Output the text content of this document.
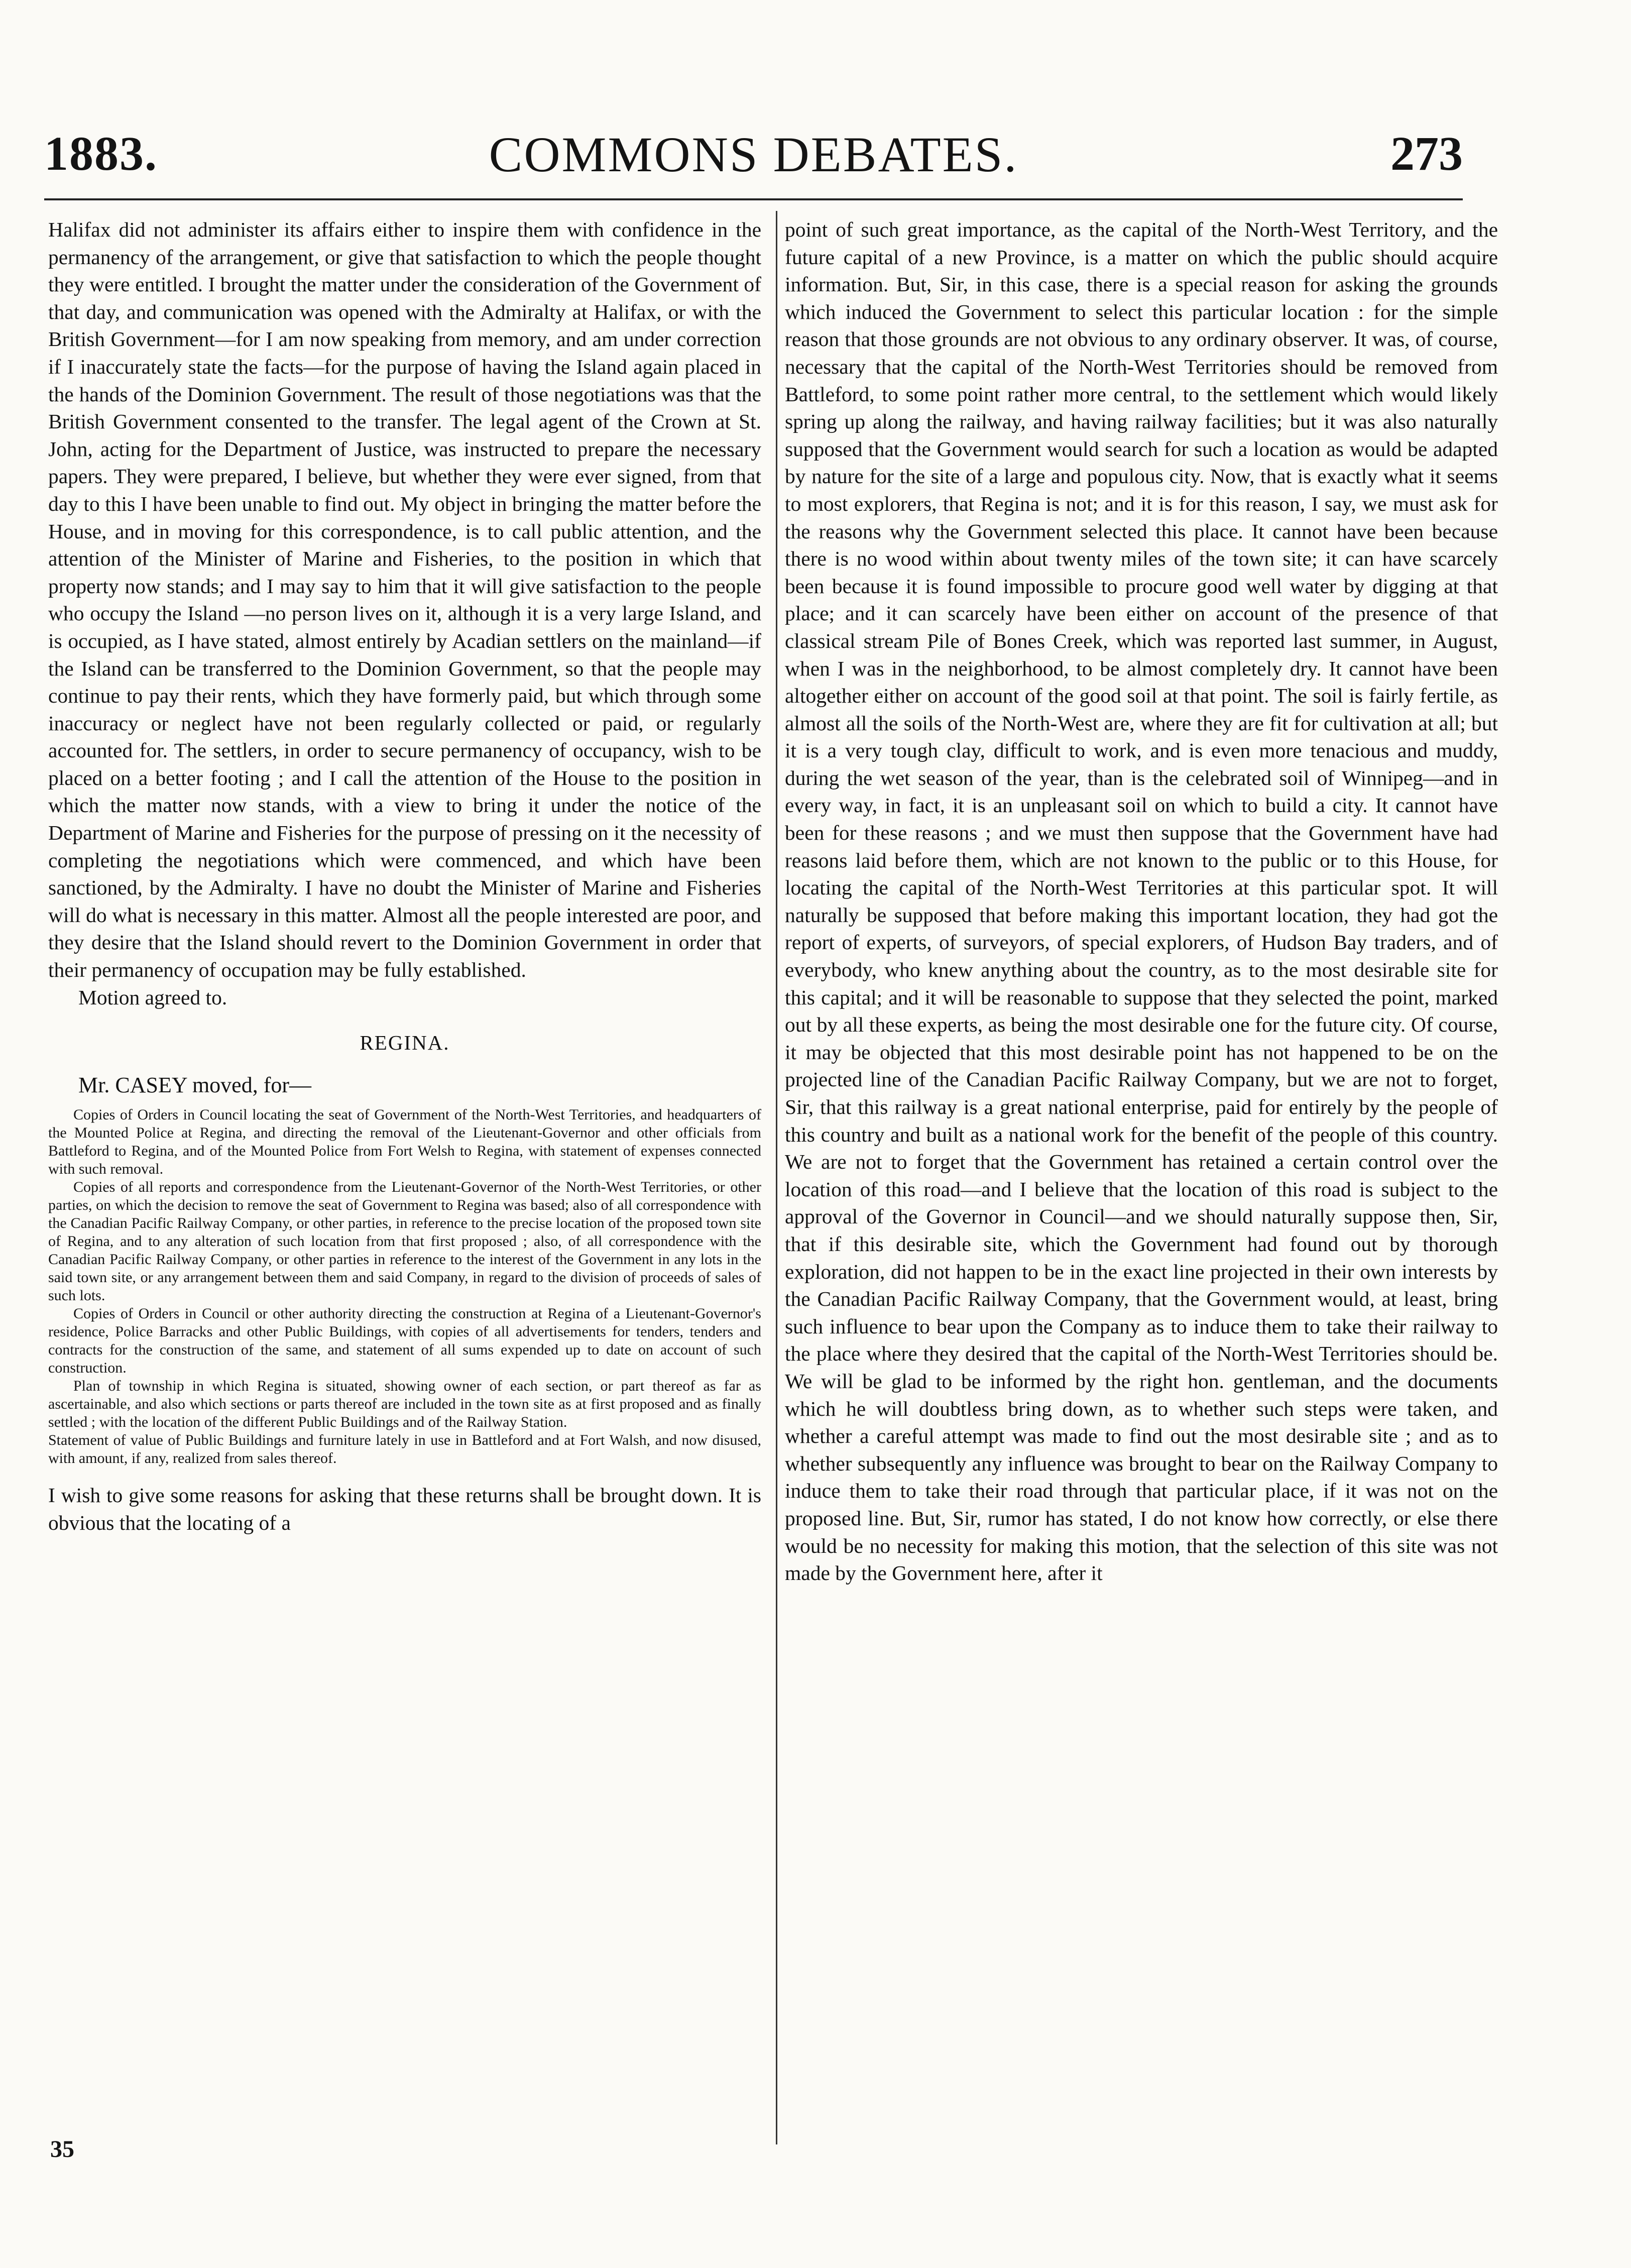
1883.	COMMONS DEBATES.	273

Halifax did not administer its affairs either to inspire them with confidence in the permanency of the arrangement, or give that satisfaction to which the people thought they were entitled. I brought the matter under the consideration of the Government of that day, and communication was opened with the Admiralty at Halifax, or with the British Government—for I am now speaking from memory, and am under correction if I inaccurately state the facts—for the purpose of having the Island again placed in the hands of the Dominion Government. The result of those negotiations was that the British Government consented to the transfer. The legal agent of the Crown at St. John, acting for the Department of Justice, was instructed to prepare the necessary papers. They were prepared, I believe, but whether they were ever signed, from that day to this I have been unable to find out. My object in bringing the matter before the House, and in moving for this correspondence, is to call public attention, and the attention of the Minister of Marine and Fisheries, to the position in which that property now stands; and I may say to him that it will give satisfaction to the people who occupy the Island —no person lives on it, although it is a very large Island, and is occupied, as I have stated, almost entirely by Acadian settlers on the mainland—if the Island can be transferred to the Dominion Government, so that the people may continue to pay their rents, which they have formerly paid, but which through some inaccuracy or neglect have not been regularly collected or paid, or regularly accounted for. The settlers, in order to secure permanency of occupancy, wish to be placed on a better footing ; and I call the attention of the House to the position in which the matter now stands, with a view to bring it under the notice of the Department of Marine and Fisheries for the purpose of pressing on it the necessity of completing the negotiations which were commenced, and which have been sanctioned, by the Admiralty. I have no doubt the Minister of Marine and Fisheries will do what is necessary in this matter. Almost all the people interested are poor, and they desire that the Island should revert to the Dominion Government in order that their permanency of occupation may be fully established.

Motion agreed to.

REGINA.

Mr. CASEY moved, for—

Copies of Orders in Council locating the seat of Government of the North-West Territories, and headquarters of the Mounted Police at Regina, and directing the removal of the Lieutenant-Governor and other officials from Battleford to Regina, and of the Mounted Police from Fort Welsh to Regina, with statement of expenses connected with such removal.

Copies of all reports and correspondence from the Lieutenant-Governor of the North-West Territories, or other parties, on which the decision to remove the seat of Government to Regina was based; also of all correspondence with the Canadian Pacific Railway Company, or other parties, in reference to the precise location of the proposed town site of Regina, and to any alteration of such location from that first proposed ; also, of all correspondence with the Canadian Pacific Railway Company, or other parties in reference to the interest of the Government in any lots in the said town site, or any arrangement between them and said Company, in regard to the division of proceeds of sales of such lots.

Copies of Orders in Council or other authority directing the construction at Regina of a Lieutenant-Governor's residence, Police Barracks and other Public Buildings, with copies of all advertisements for tenders, tenders and contracts for the construction of the same, and statement of all sums expended up to date on account of such construction.

Plan of township in which Regina is situated, showing owner of each section, or part thereof as far as ascertainable, and also which sections or parts thereof are included in the town site as at first proposed and as finally settled ; with the location of the different Public Buildings and of the Railway Station.

Statement of value of Public Buildings and furniture lately in use in Battleford and at Fort Walsh, and now disused, with amount, if any, realized from sales thereof.

I wish to give some reasons for asking that these returns shall be brought down. It is obvious that the locating of a

35

point of such great importance, as the capital of the North-West Territory, and the future capital of a new Province, is a matter on which the public should acquire information. But, Sir, in this case, there is a special reason for asking the grounds which induced the Government to select this particular location : for the simple reason that those grounds are not obvious to any ordinary observer. It was, of course, necessary that the capital of the North-West Territories should be removed from Battleford, to some point rather more central, to the settlement which would likely spring up along the railway, and having railway facilities; but it was also naturally supposed that the Government would search for such a location as would be adapted by nature for the site of a large and populous city. Now, that is exactly what it seems to most explorers, that Regina is not; and it is for this reason, I say, we must ask for the reasons why the Government selected this place. It cannot have been because there is no wood within about twenty miles of the town site; it can have scarcely been because it is found impossible to procure good well water by digging at that place; and it can scarcely have been either on account of the presence of that classical stream Pile of Bones Creek, which was reported last summer, in August, when I was in the neighborhood, to be almost completely dry. It cannot have been altogether either on account of the good soil at that point. The soil is fairly fertile, as almost all the soils of the North-West are, where they are fit for cultivation at all; but it is a very tough clay, difficult to work, and is even more tenacious and muddy, during the wet season of the year, than is the celebrated soil of Winnipeg—and in every way, in fact, it is an unpleasant soil on which to build a city. It cannot have been for these reasons ; and we must then suppose that the Government have had reasons laid before them, which are not known to the public or to this House, for locating the capital of the North-West Territories at this particular spot. It will naturally be supposed that before making this important location, they had got the report of experts, of surveyors, of special explorers, of Hudson Bay traders, and of everybody, who knew anything about the country, as to the most desirable site for this capital; and it will be reasonable to suppose that they selected the point, marked out by all these experts, as being the most desirable one for the future city. Of course, it may be objected that this most desirable point has not happened to be on the projected line of the Canadian Pacific Railway Company, but we are not to forget, Sir, that this railway is a great national enterprise, paid for entirely by the people of this country and built as a national work for the benefit of the people of this country. We are not to forget that the Government has retained a certain control over the location of this road—and I believe that the location of this road is subject to the approval of the Governor in Council—and we should naturally suppose then, Sir, that if this desirable site, which the Government had found out by thorough exploration, did not happen to be in the exact line projected in their own interests by the Canadian Pacific Railway Company, that the Government would, at least, bring such influence to bear upon the Company as to induce them to take their railway to the place where they desired that the capital of the North-West Territories should be. We will be glad to be informed by the right hon. gentleman, and the documents which he will doubtless bring down, as to whether such steps were taken, and whether a careful attempt was made to find out the most desirable site ; and as to whether subsequently any influence was brought to bear on the Railway Company to induce them to take their road through that particular place, if it was not on the proposed line. But, Sir, rumor has stated, I do not know how correctly, or else there would be no necessity for making this motion, that the selection of this site was not made by the Government here, after it
